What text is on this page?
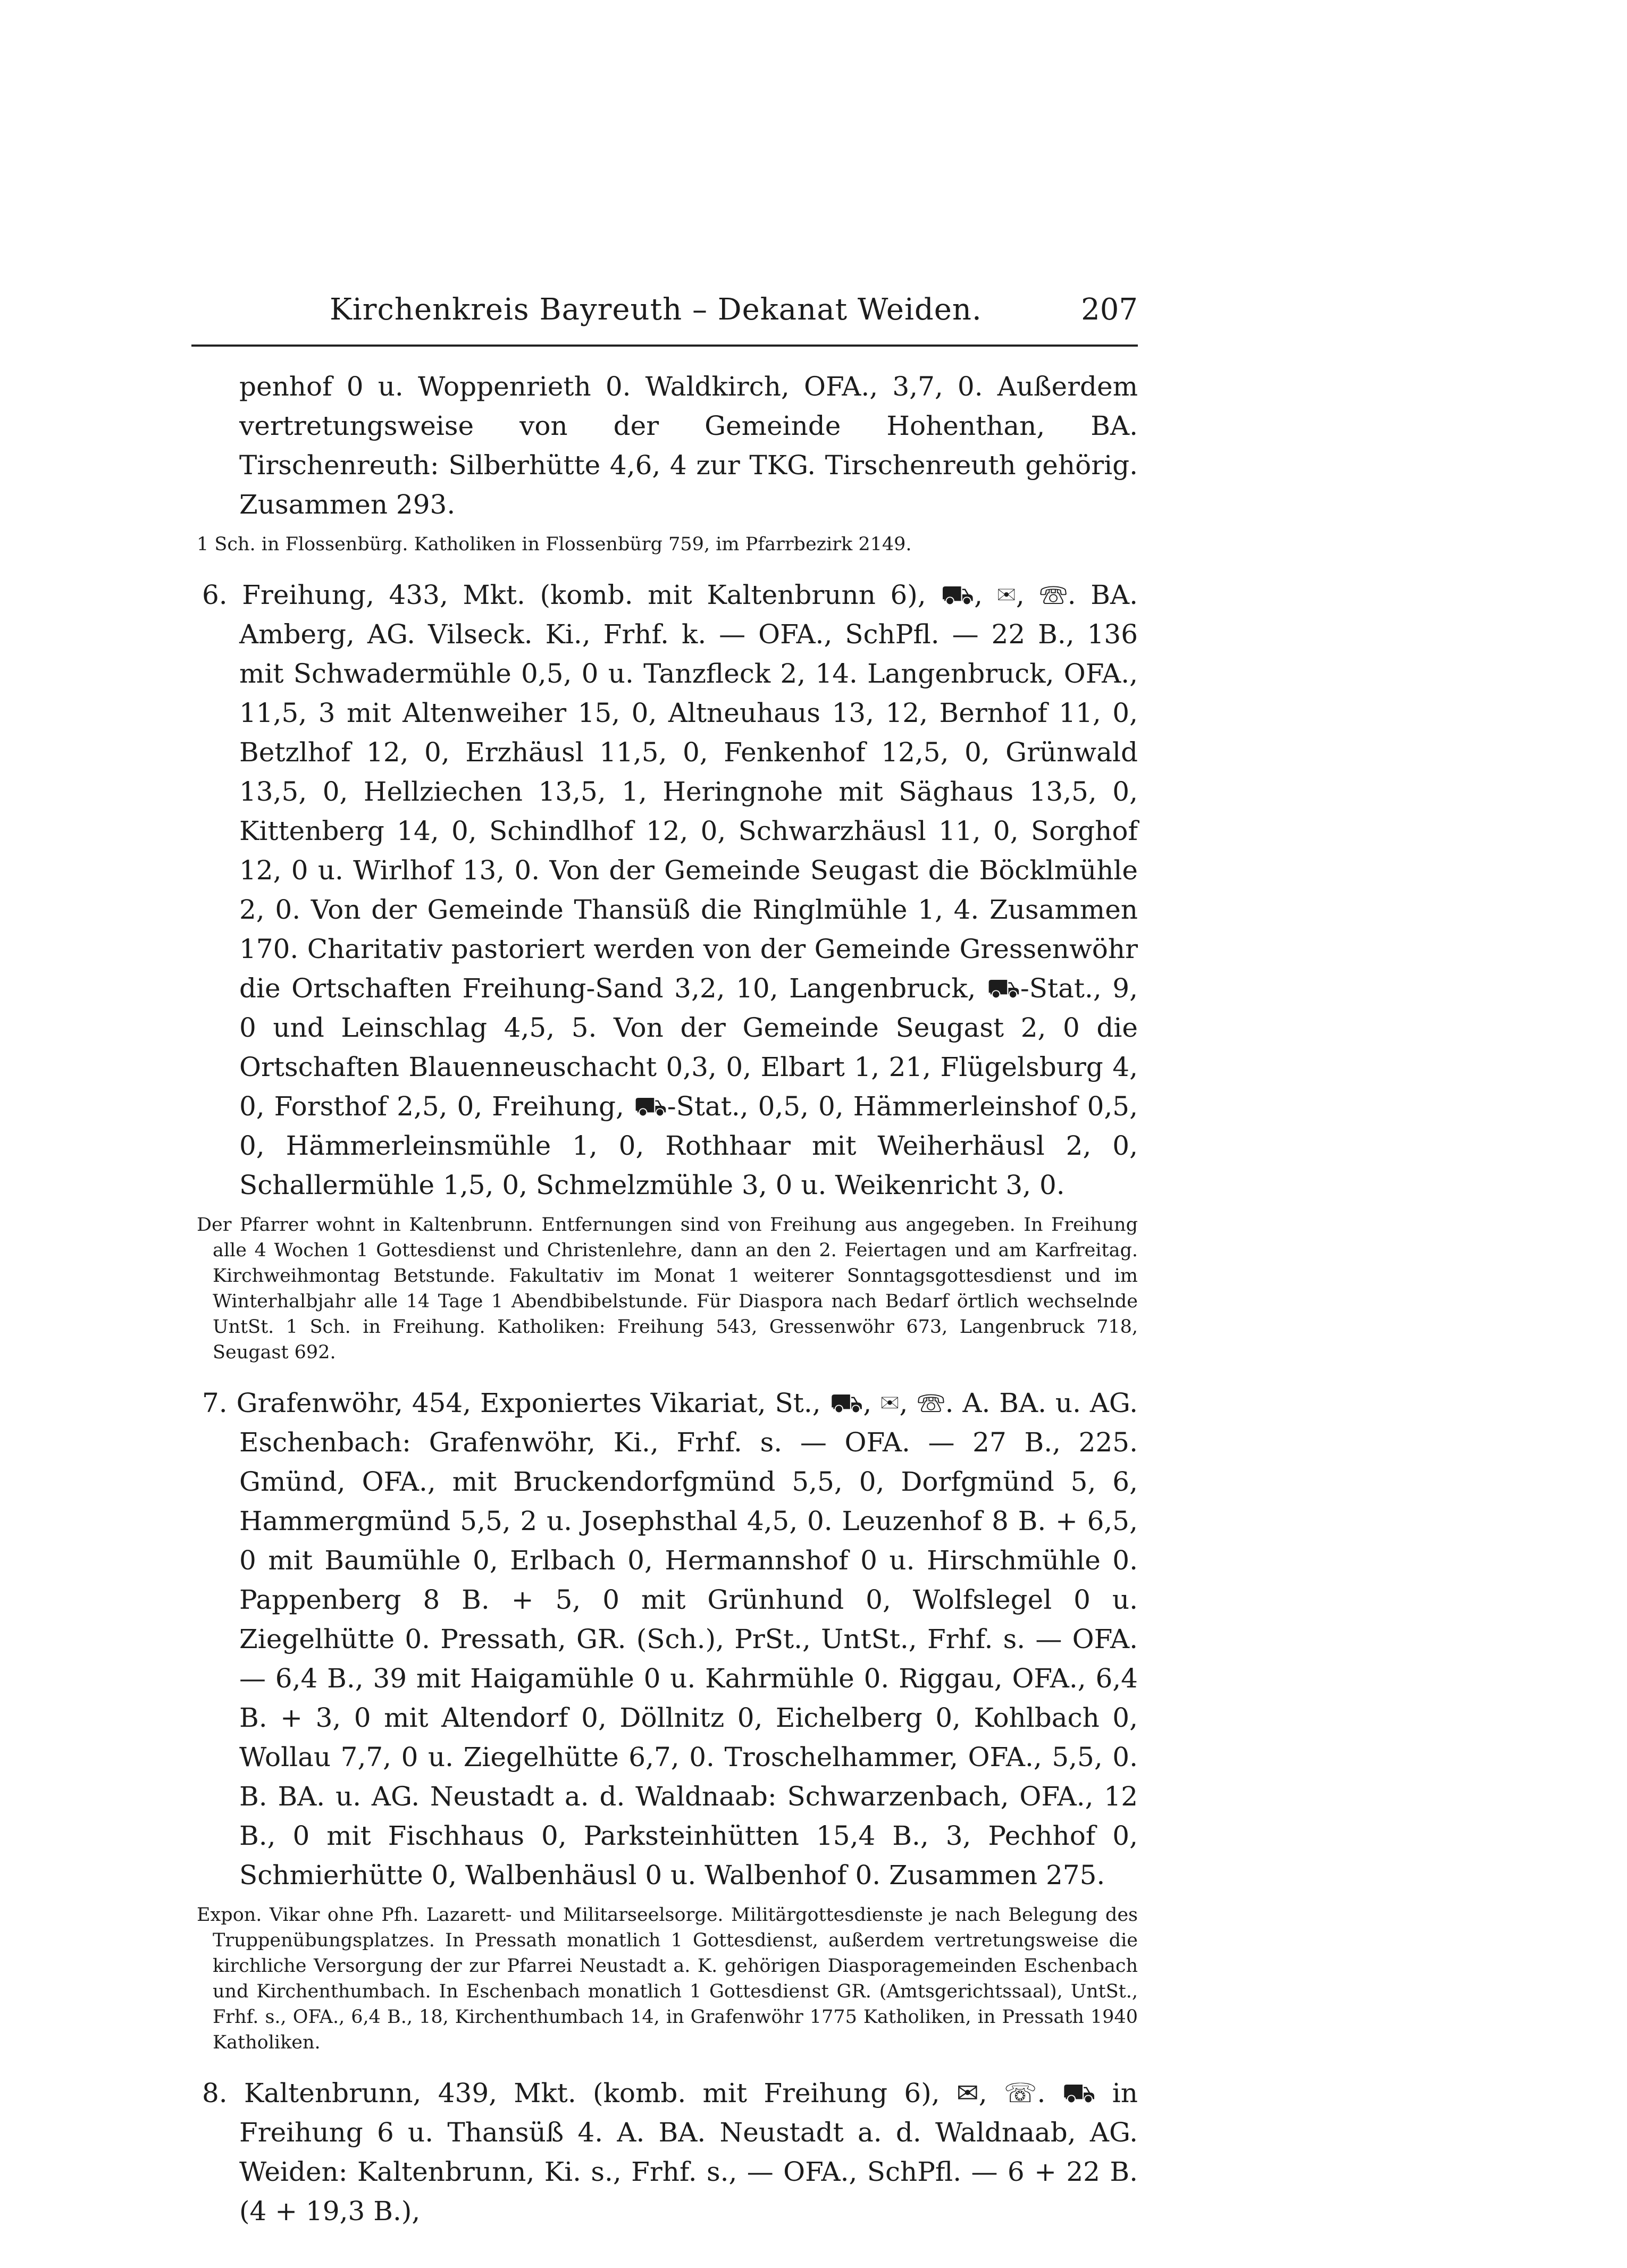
Kirchenkreis Bayreuth – Dekanat Weiden.	207

penhof 0 u. Woppenrieth 0. Waldkirch, OFA., 3,7, 0. Außerdem vertretungsweise von der Gemeinde Hohenthan, BA. Tirschenreuth: Silberhütte 4,6, 4 zur TKG. Tirschenreuth gehörig. Zusammen 293.

1 Sch. in Flossenbürg. Katholiken in Flossenbürg 759, im Pfarrbezirk 2149.

6. Freihung, 433, Mkt. (komb. mit Kaltenbrunn 6), ⛟, ✉, ☏. BA. Amberg, AG. Vilseck. Ki., Frhf. k. — OFA., SchPfl. — 22 B., 136 mit Schwadermühle 0,5, 0 u. Tanzfleck 2, 14. Langenbruck, OFA., 11,5, 3 mit Altenweiher 15, 0, Altneuhaus 13, 12, Bernhof 11, 0, Betzlhof 12, 0, Erzhäusl 11,5, 0, Fenkenhof 12,5, 0, Grünwald 13,5, 0, Hellziechen 13,5, 1, Heringnohe mit Säghaus 13,5, 0, Kittenberg 14, 0, Schindlhof 12, 0, Schwarzhäusl 11, 0, Sorghof 12, 0 u. Wirlhof 13, 0. Von der Gemeinde Seugast die Böcklmühle 2, 0. Von der Gemeinde Thansüß die Ringlmühle 1, 4. Zusammen 170. Charitativ pastoriert werden von der Gemeinde Gressenwöhr die Ortschaften Freihung-Sand 3,2, 10, Langenbruck, ⛟-Stat., 9, 0 und Leinschlag 4,5, 5. Von der Gemeinde Seugast 2, 0 die Ortschaften Blauenneuschacht 0,3, 0, Elbart 1, 21, Flügelsburg 4, 0, Forsthof 2,5, 0, Freihung, ⛟-Stat., 0,5, 0, Hämmerleinshof 0,5, 0, Hämmerleinsmühle 1, 0, Rothhaar mit Weiherhäusl 2, 0, Schallermühle 1,5, 0, Schmelzmühle 3, 0 u. Weikenricht 3, 0.

Der Pfarrer wohnt in Kaltenbrunn. Entfernungen sind von Freihung aus angegeben. In Freihung alle 4 Wochen 1 Gottesdienst und Christenlehre, dann an den 2. Feiertagen und am Karfreitag. Kirchweihmontag Betstunde. Fakultativ im Monat 1 weiterer Sonntagsgottesdienst und im Winterhalbjahr alle 14 Tage 1 Abendbibelstunde. Für Diaspora nach Bedarf örtlich wechselnde UntSt. 1 Sch. in Freihung. Katholiken: Freihung 543, Gressenwöhr 673, Langenbruck 718, Seugast 692.

7. Grafenwöhr, 454, Exponiertes Vikariat, St., ⛟, ✉, ☏. A. BA. u. AG. Eschenbach: Grafenwöhr, Ki., Frhf. s. — OFA. — 27 B., 225. Gmünd, OFA., mit Bruckendorfgmünd 5,5, 0, Dorfgmünd 5, 6, Hammergmünd 5,5, 2 u. Josephsthal 4,5, 0. Leuzenhof 8 B. + 6,5, 0 mit Baumühle 0, Erlbach 0, Hermannshof 0 u. Hirschmühle 0. Pappenberg 8 B. + 5, 0 mit Grünhund 0, Wolfslegel 0 u. Ziegelhütte 0. Pressath, GR. (Sch.), PrSt., UntSt., Frhf. s. — OFA. — 6,4 B., 39 mit Haigamühle 0 u. Kahrmühle 0. Riggau, OFA., 6,4 B. + 3, 0 mit Altendorf 0, Döllnitz 0, Eichelberg 0, Kohlbach 0, Wollau 7,7, 0 u. Ziegelhütte 6,7, 0. Troschelhammer, OFA., 5,5, 0. B. BA. u. AG. Neustadt a. d. Waldnaab: Schwarzenbach, OFA., 12 B., 0 mit Fischhaus 0, Parksteinhütten 15,4 B., 3, Pechhof 0, Schmierhütte 0, Walbenhäusl 0 u. Walbenhof 0. Zusammen 275.

Expon. Vikar ohne Pfh. Lazarett- und Militarseelsorge. Militärgottesdienste je nach Belegung des Truppenübungsplatzes. In Pressath monatlich 1 Gottesdienst, außerdem vertretungsweise die kirchliche Versorgung der zur Pfarrei Neustadt a. K. gehörigen Diasporagemeinden Eschenbach und Kirchenthumbach. In Eschenbach monatlich 1 Gottesdienst GR. (Amtsgerichtssaal), UntSt., Frhf. s., OFA., 6,4 B., 18, Kirchenthumbach 14, in Grafenwöhr 1775 Katholiken, in Pressath 1940 Katholiken.

8. Kaltenbrunn, 439, Mkt. (komb. mit Freihung 6), ✉, ☏. ⛟ in Freihung 6 u. Thansüß 4. A. BA. Neustadt a. d. Waldnaab, AG. Weiden: Kaltenbrunn, Ki. s., Frhf. s., — OFA., SchPfl. — 6 + 22 B. (4 + 19,3 B.),
